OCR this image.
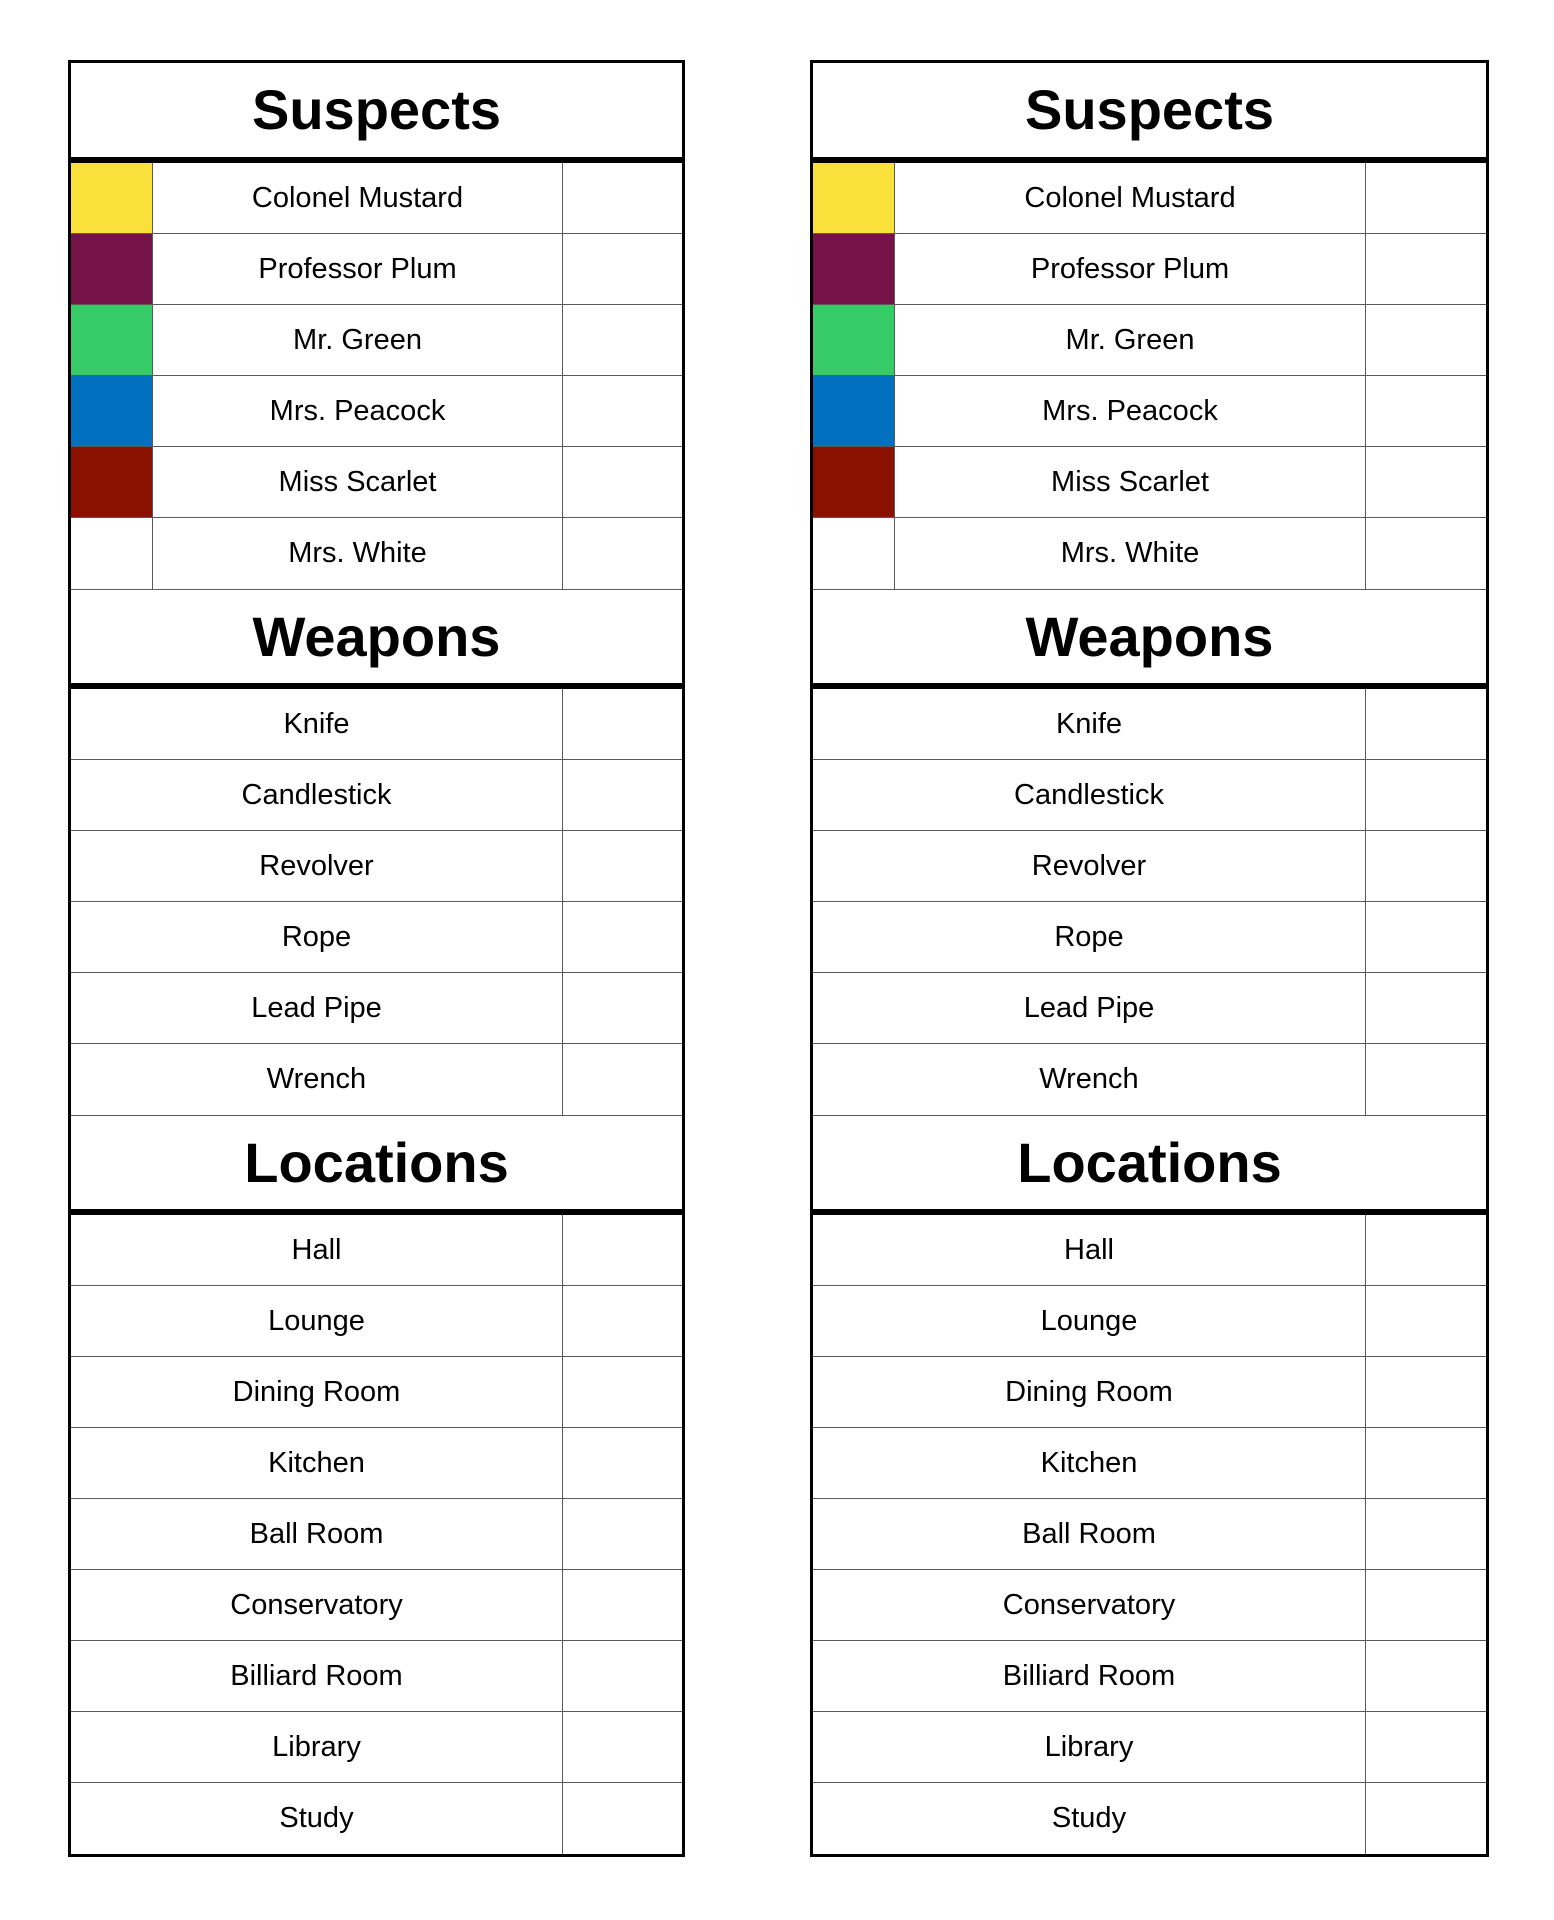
Suspects
Colonel Mustard
Professor Plum
Mr. Green
Mrs. Peacock
Miss Scarlet
Mrs. White
Weapons
Knife
Candlestick
Revolver
Rope
Lead Pipe
Wrench
Locations
Hall
Lounge
Dining Room
Kitchen
Ball Room
Conservatory
Billiard Room
Library
Study
Suspects
Colonel Mustard
Professor Plum
Mr. Green
Mrs. Peacock
Miss Scarlet
Mrs. White
Weapons
Knife
Candlestick
Revolver
Rope
Lead Pipe
Wrench
Locations
Hall
Lounge
Dining Room
Kitchen
Ball Room
Conservatory
Billiard Room
Library
Study
